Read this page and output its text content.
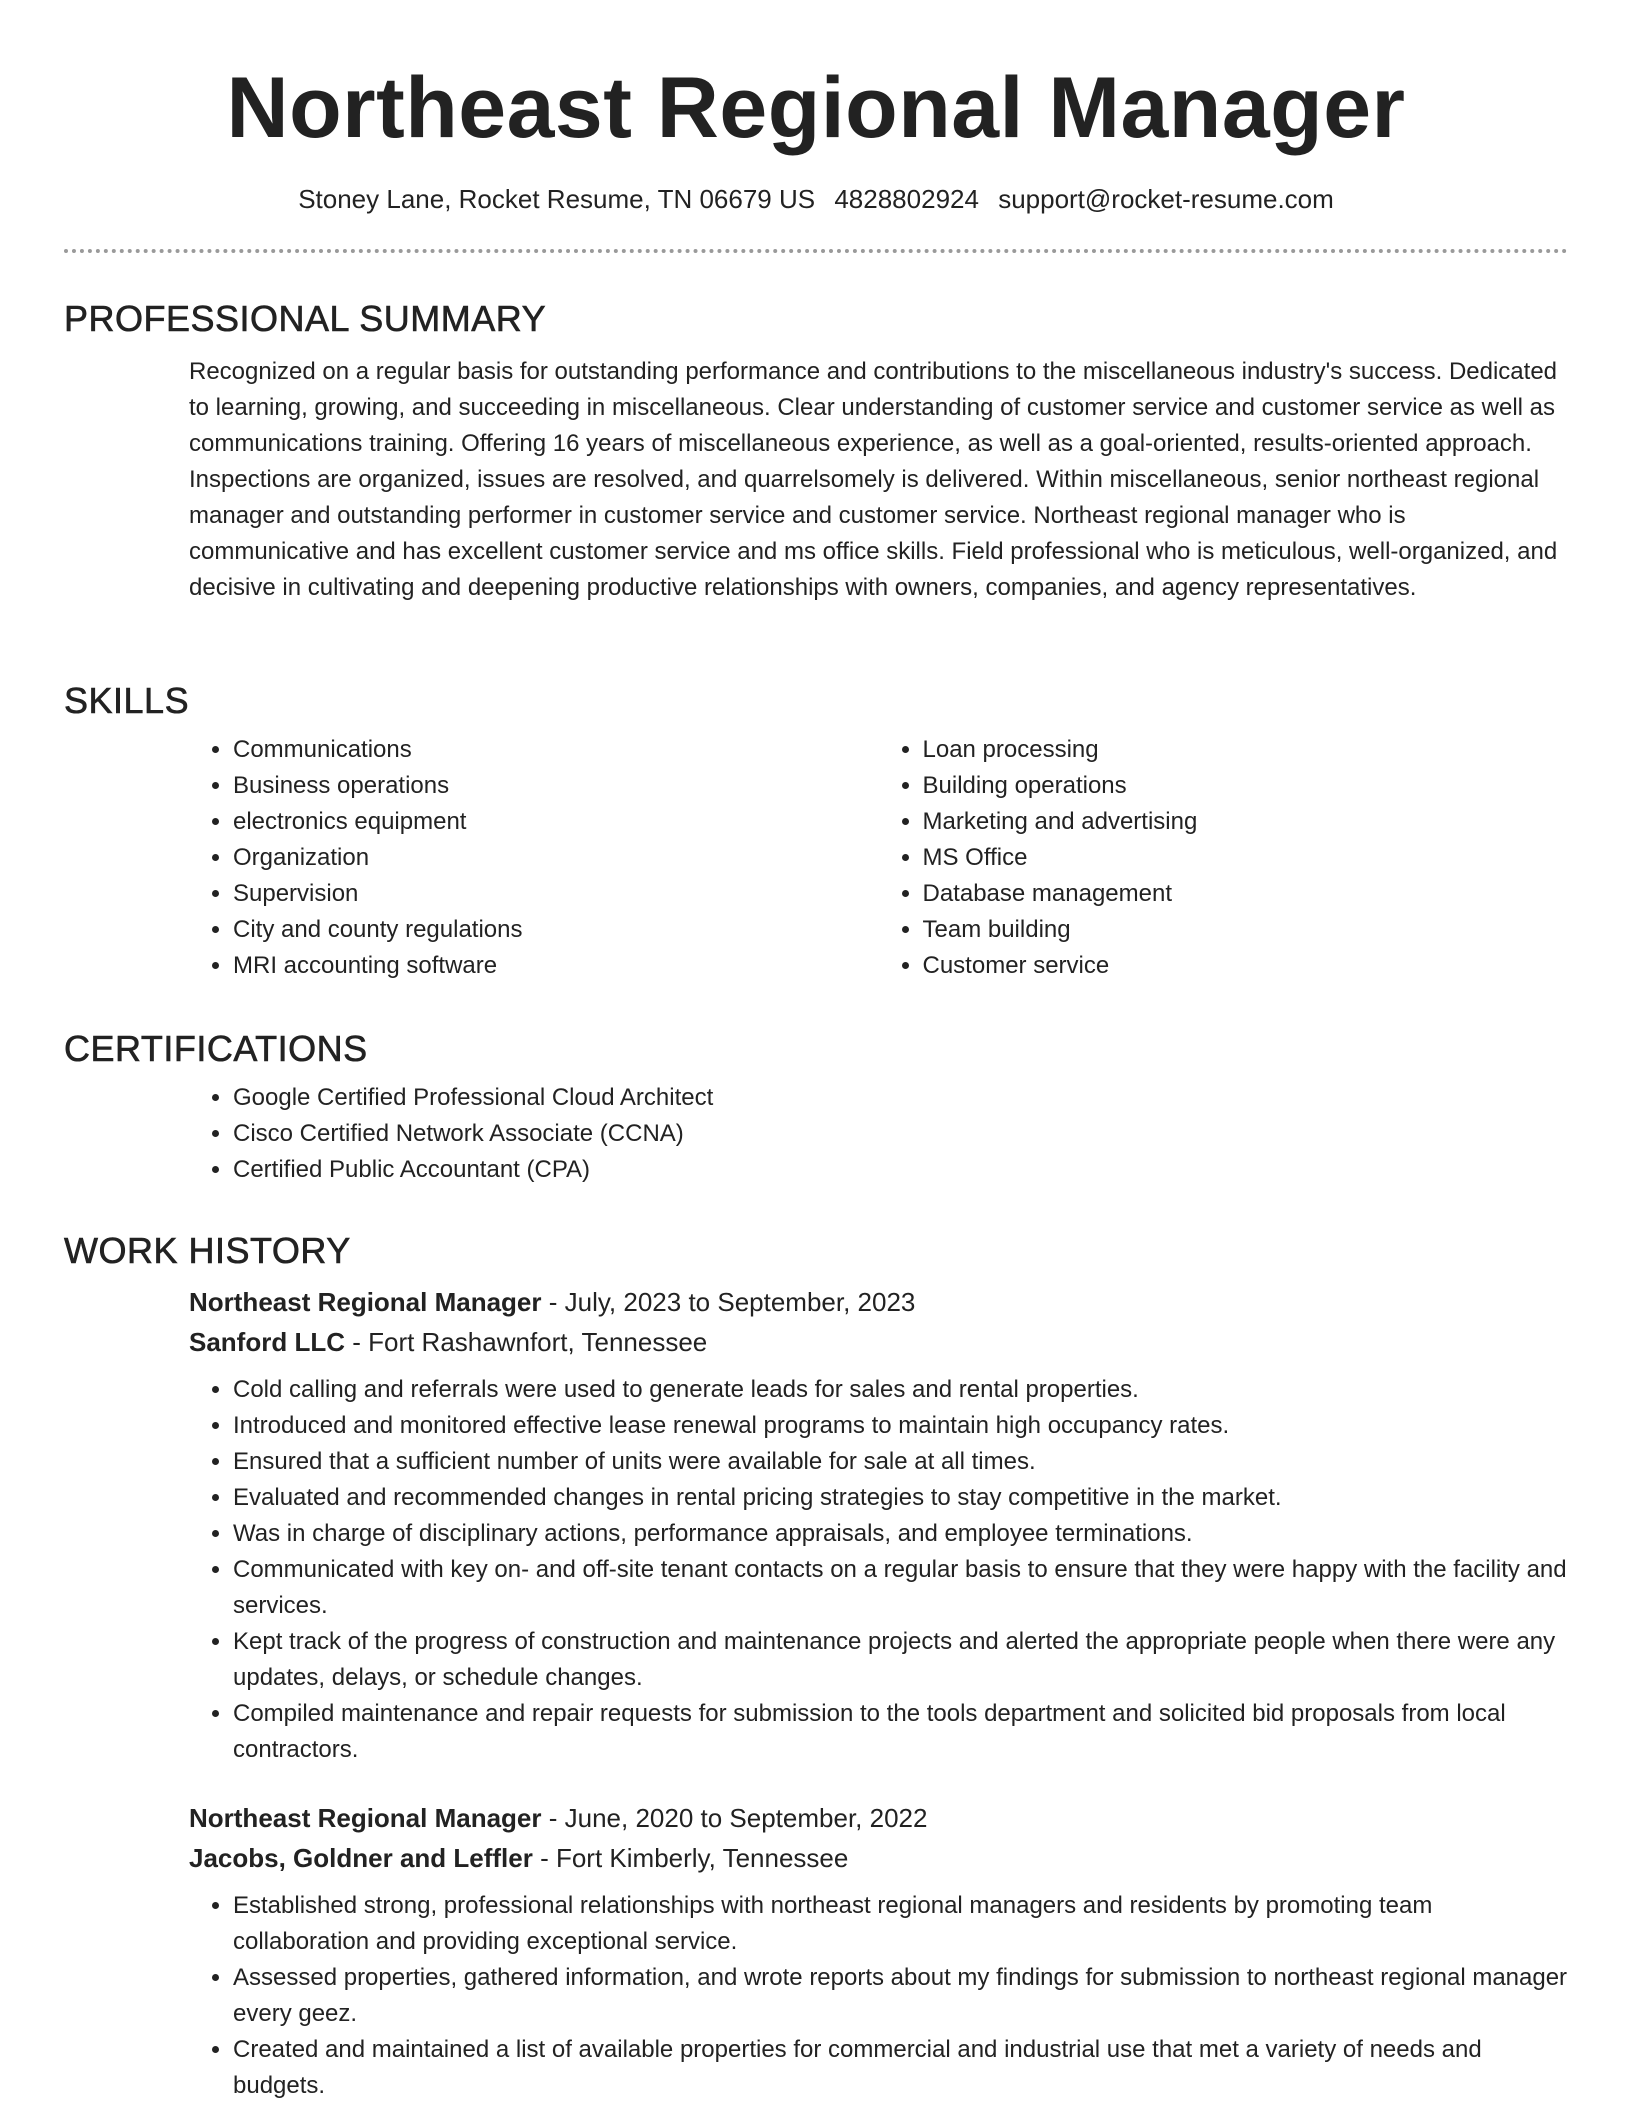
Northeast Regional Manager
Stoney Lane, Rocket Resume, TN 06679 US 4828802924 support@rocket-resume.com
PROFESSIONAL SUMMARY

Recognized on a regular basis for outstanding performance and contributions to the miscellaneous industry's success. Dedicated to learning, growing, and succeeding in miscellaneous. Clear understanding of customer service and customer service as well as communications training. Offering 16 years of miscellaneous experience, as well as a goal-oriented, results-oriented approach. Inspections are organized, issues are resolved, and quarrelsomely is delivered. Within miscellaneous, senior northeast regional manager and outstanding performer in customer service and customer service. Northeast regional manager who is communicative and has excellent customer service and ms office skills. Field professional who is meticulous, well-organized, and decisive in cultivating and deepening productive relationships with owners, companies, and agency representatives.

SKILLS
• Communications
• Business operations
• electronics equipment
• Organization
• Supervision
• City and county regulations
• MRI accounting software
• Loan processing
• Building operations
• Marketing and advertising
• MS Office
• Database management
• Team building
• Customer service
CERTIFICATIONS
• Google Certified Professional Cloud Architect
• Cisco Certified Network Associate (CCNA)
• Certified Public Accountant (CPA)
WORK HISTORY
Northeast Regional Manager - July, 2023 to September, 2023
Sanford LLC - Fort Rashawnfort, Tennessee
• Cold calling and referrals were used to generate leads for sales and rental properties.
• Introduced and monitored effective lease renewal programs to maintain high occupancy rates.
• Ensured that a sufficient number of units were available for sale at all times.
• Evaluated and recommended changes in rental pricing strategies to stay competitive in the market.
• Was in charge of disciplinary actions, performance appraisals, and employee terminations.
• Communicated with key on- and off-site tenant contacts on a regular basis to ensure that they were happy with the facility and services.
• Kept track of the progress of construction and maintenance projects and alerted the appropriate people when there were any updates, delays, or schedule changes.
• Compiled maintenance and repair requests for submission to the tools department and solicited bid proposals from local contractors.
Northeast Regional Manager - June, 2020 to September, 2022
Jacobs, Goldner and Leffler - Fort Kimberly, Tennessee
• Established strong, professional relationships with northeast regional managers and residents by promoting team collaboration and providing exceptional service.
• Assessed properties, gathered information, and wrote reports about my findings for submission to northeast regional manager every geez.
• Created and maintained a list of available properties for commercial and industrial use that met a variety of needs and budgets.
